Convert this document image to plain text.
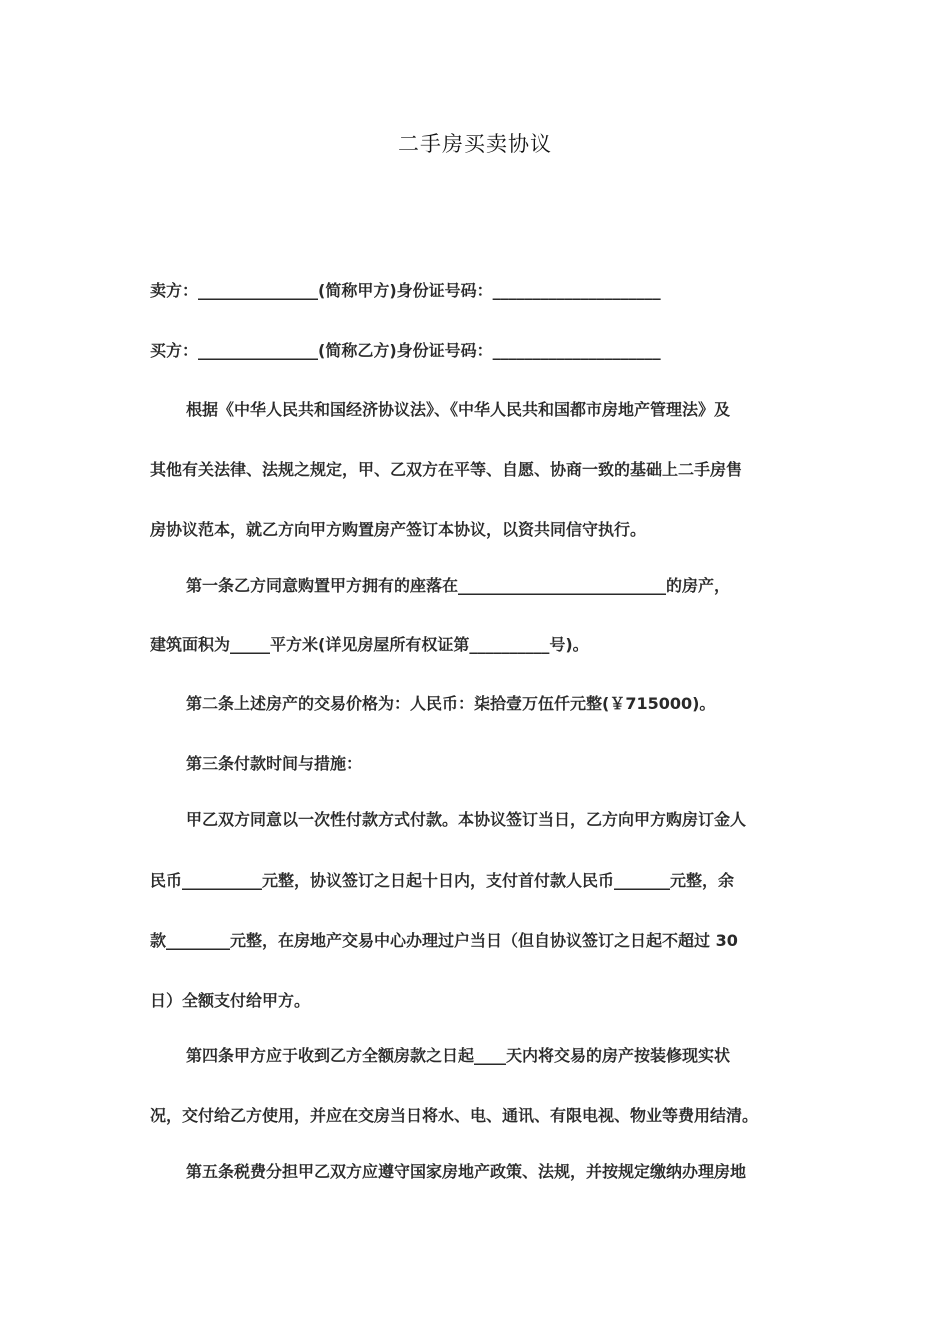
二手房买卖协议
卖方：_______________(简称甲方)身份证号码：_____________________
买方：_______________(简称乙方)身份证号码：_____________________
根据《中华人民共和国经济协议法》、《中华人民共和国都市房地产管理法》及
其他有关法律、法规之规定，甲、乙双方在平等、自愿、协商一致的基础上二手房售
房协议范本，就乙方向甲方购置房产签订本协议，以资共同信守执行。
第一条乙方同意购置甲方拥有的座落在__________________________的房产，
建筑面积为_____平方米(详见房屋所有权证第__________号)。
第二条上述房产的交易价格为：人民币：柒拾壹万伍仟元整(￥715000)。
第三条付款时间与措施：
甲乙双方同意以一次性付款方式付款。本协议签订当日，乙方向甲方购房订金人
民币__________元整，协议签订之日起十日内，支付首付款人民币_______元整，余
款________元整，在房地产交易中心办理过户当日（但自协议签订之日起不超过 30
日）全额支付给甲方。
第四条甲方应于收到乙方全额房款之日起____天内将交易的房产按装修现实状
况，交付给乙方使用，并应在交房当日将水、电、通讯、有限电视、物业等费用结清。
第五条税费分担甲乙双方应遵守国家房地产政策、法规，并按规定缴纳办理房地
